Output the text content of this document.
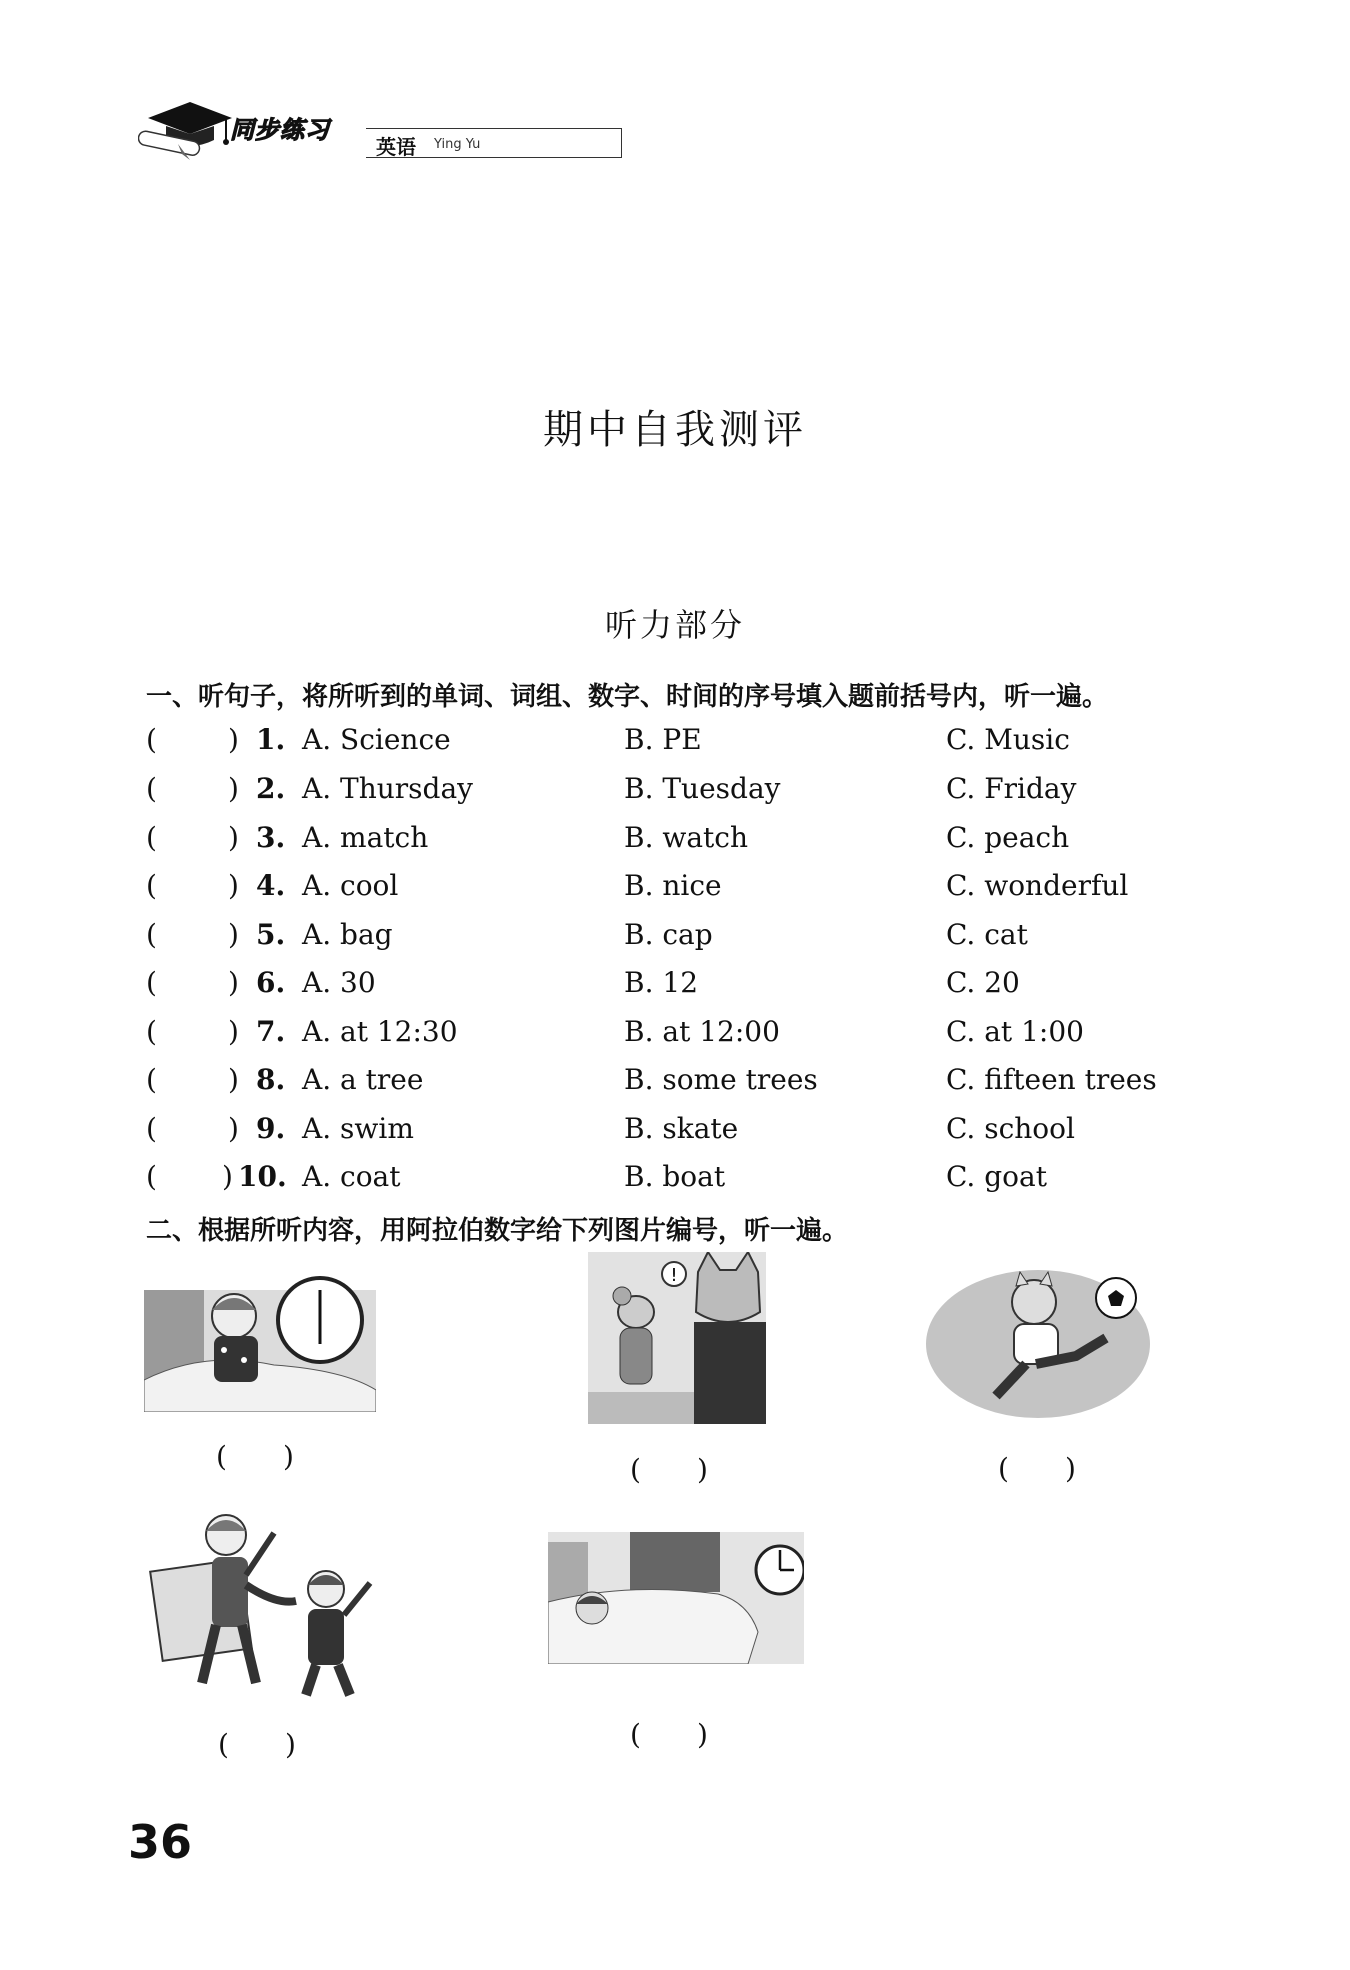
同步练习
英语 Ying Yu
期中自我测评
听力部分
一、听句子，将所听到的单词、词组、数字、时间的序号填入题前括号内，听一遍。
(	) 1. A. Science	B. PE	C. Music
(	) 2. A. Thursday	B. Tuesday	C. Friday
(	) 3. A. match	B. watch	C. peach
(	) 4. A. cool	B. nice	C. wonderful
(	) 5. A. bag	B. cap	C. cat
(	) 6. A. 30	B. 12	C. 20
(	) 7. A. at 12:30	B. at 12:00	C. at 1:00
(	) 8. A. a tree	B. some trees	C. fifteen trees
(	) 9. A. swim	B. skate	C. school
( ) 10. A. coat	B. boat	C. goat
二、根据所听内容，用阿拉伯数字给下列图片编号，听一遍。
(   )
!
(   )	(   )
(   )	(   )
36
